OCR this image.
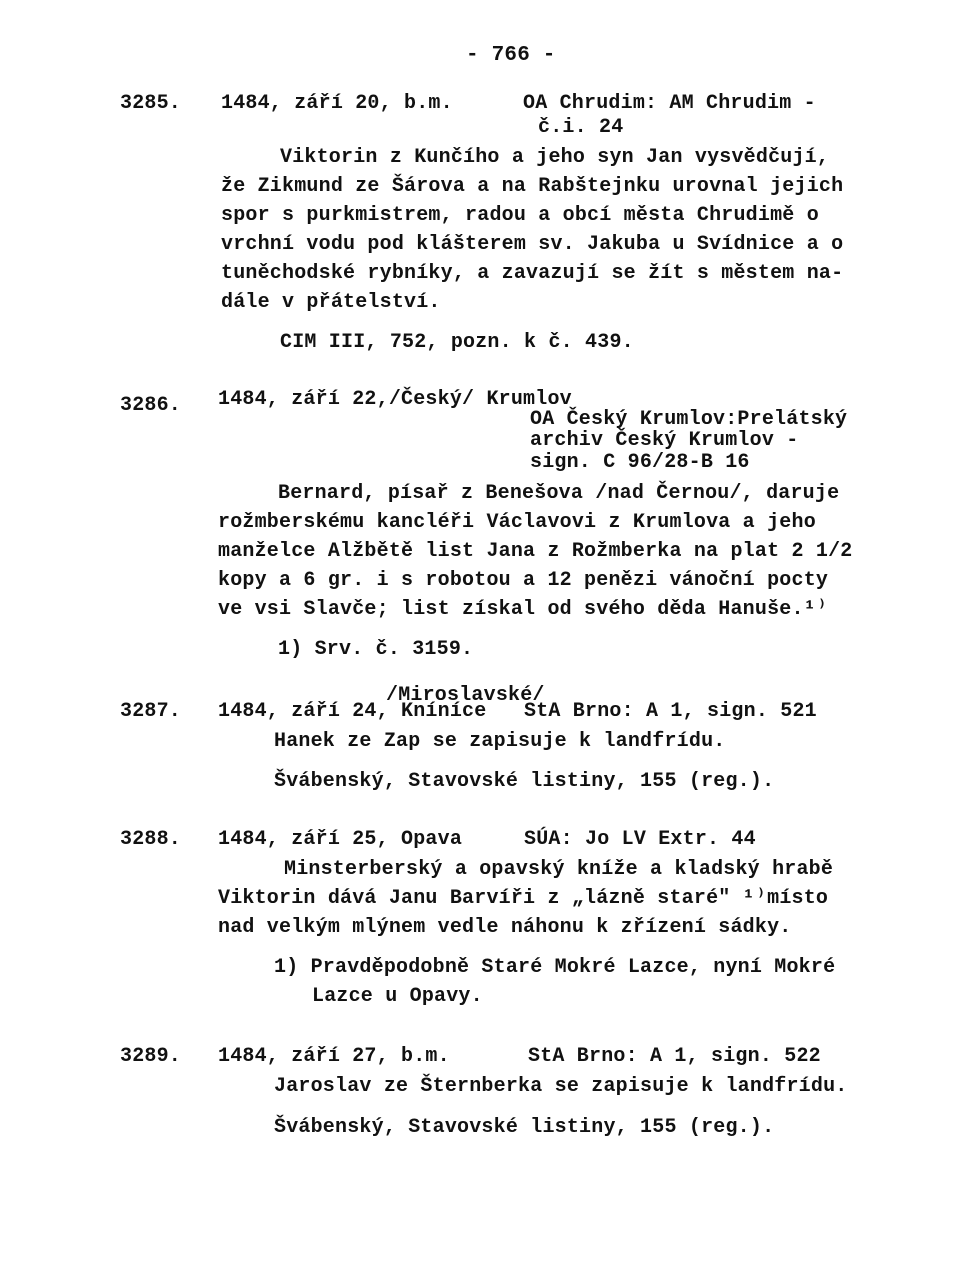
- 766 -
3285. 1484, září 20, b.m.	OA Chrudim: AM Chrudim -
č.i. 24
Viktorin z Kunčího a jeho syn Jan vysvědčují,
že Zikmund ze Šárova a na Rabštejnku urovnal jejich
spor s purkmistrem, radou a obcí města Chrudimě o
vrchní vodu pod klášterem sv. Jakuba u Svídnice a o
tuněchodské rybníky, a zavazují se žít s městem na-
dále v přátelství.
CIM III, 752, pozn. k č. 439.
3286. 1484, září 22,/Český/ Krumlov
OA Český Krumlov:Prelátský
archiv Český Krumlov -
sign. C 96/28-B 16
Bernard, písař z Benešova /nad Černou/, daruje
rožmberskému kancléři Václavovi z Krumlova a jeho
manželce Alžbětě list Jana z Rožmberka na plat 2 1/2
kopy a 6 gr. i s robotou a 12 penězi vánoční pocty
ve vsi Slavče; list získal od svého děda Hanuše.¹⁾
1) Srv. č. 3159.
/Miroslavské/
3287. 1484, září 24, Kníníce StA Brno: A 1, sign. 521
Hanek ze Zap se zapisuje k landfrídu.
Švábenský, Stavovské listiny, 155 (reg.).
3288. 1484, září 25, Opava	SÚA: Jo LV Extr. 44
Minsterberský a opavský kníže a kladský hrabě
Viktorin dává Janu Barvíři z „lázně staré" ¹⁾místo
nad velkým mlýnem vedle náhonu k zřízení sádky.
1) Pravděpodobně Staré Mokré Lazce, nyní Mokré
Lazce u Opavy.
3289. 1484, září 27, b.m.	StA Brno: A 1, sign. 522
Jaroslav ze Šternberka se zapisuje k landfrídu.
Švábenský, Stavovské listiny, 155 (reg.).
